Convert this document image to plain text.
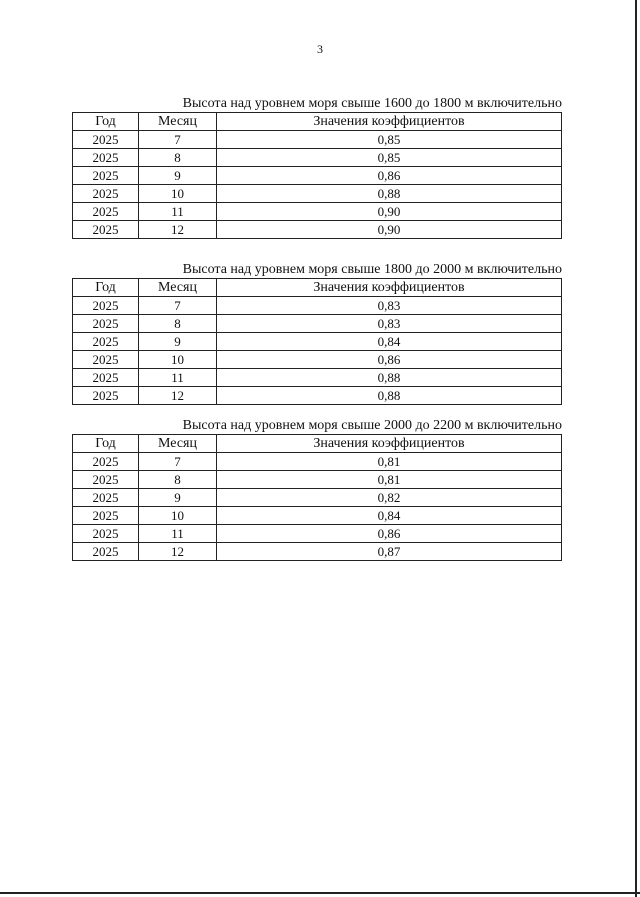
3
Высота над уровнем моря свыше 1600 до 1800 м включительно
Год	Месяц	Значения коэффициентов
2025	7	0,85
2025	8	0,85
2025	9	0,86
2025	10	0,88
2025	11	0,90
2025	12	0,90
Высота над уровнем моря свыше 1800 до 2000 м включительно
Год	Месяц	Значения коэффициентов
2025	7	0,83
2025	8	0,83
2025	9	0,84
2025	10	0,86
2025	11	0,88
2025	12	0,88
Высота над уровнем моря свыше 2000 до 2200 м включительно
Год	Месяц	Значения коэффициентов
2025	7	0,81
2025	8	0,81
2025	9	0,82
2025	10	0,84
2025	11	0,86
2025	12	0,87
